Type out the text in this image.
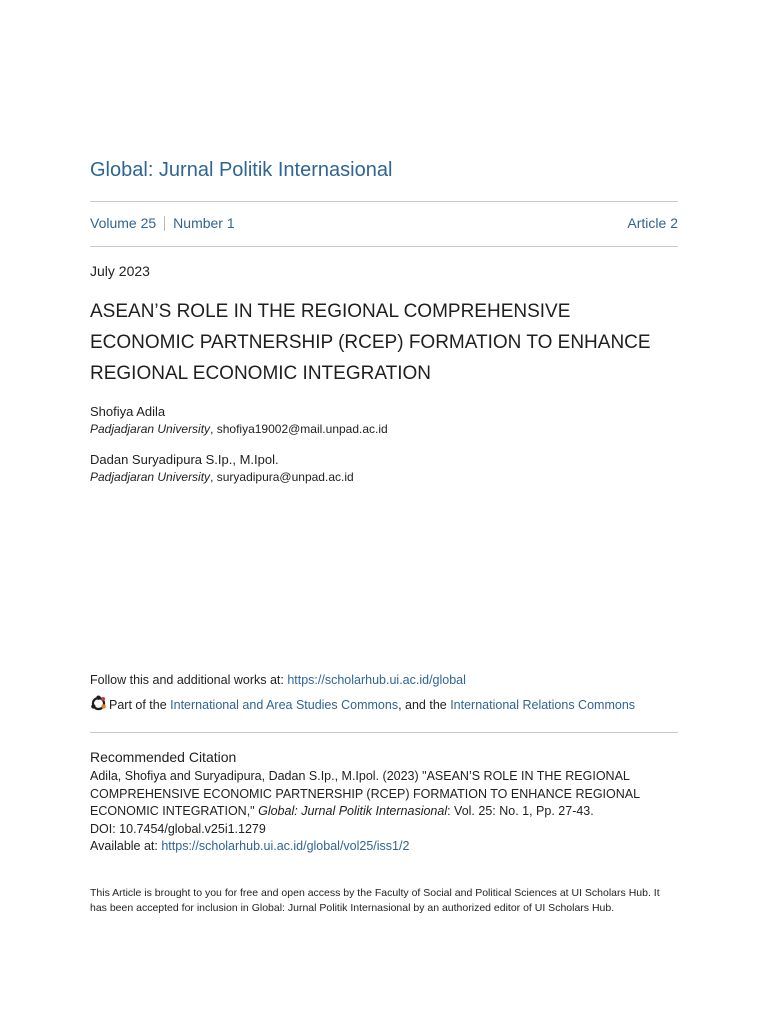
Global: Jurnal Politik Internasional
Volume 25 Number 1	Article 2
July 2023
ASEAN’S ROLE IN THE REGIONAL COMPREHENSIVE ECONOMIC PARTNERSHIP (RCEP) FORMATION TO ENHANCE REGIONAL ECONOMIC INTEGRATION
Shofiya Adila
Padjadjaran University, shofiya19002@mail.unpad.ac.id
Dadan Suryadipura S.Ip., M.Ipol.
Padjadjaran University, suryadipura@unpad.ac.id
Follow this and additional works at: https://scholarhub.ui.ac.id/global
Part of the International and Area Studies Commons, and the International Relations Commons
Recommended Citation
Adila, Shofiya and Suryadipura, Dadan S.Ip., M.Ipol. (2023) "ASEAN’S ROLE IN THE REGIONAL COMPREHENSIVE ECONOMIC PARTNERSHIP (RCEP) FORMATION TO ENHANCE REGIONAL ECONOMIC INTEGRATION," Global: Jurnal Politik Internasional: Vol. 25: No. 1, Pp. 27-43.
DOI: 10.7454/global.v25i1.1279
Available at: https://scholarhub.ui.ac.id/global/vol25/iss1/2
This Article is brought to you for free and open access by the Faculty of Social and Political Sciences at UI Scholars Hub. It has been accepted for inclusion in Global: Jurnal Politik Internasional by an authorized editor of UI Scholars Hub.
